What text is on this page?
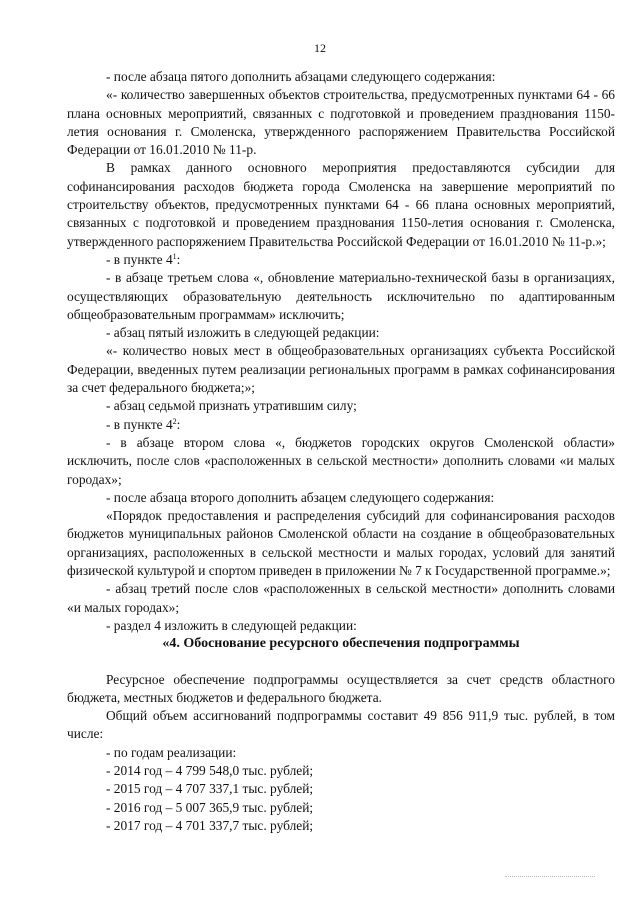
12

- после абзаца пятого дополнить абзацами следующего содержания:

«- количество завершенных объектов строительства, предусмотренных пунктами 64 - 66 плана основных мероприятий, связанных с подготовкой и проведением празднования 1150-летия основания г. Смоленска, утвержденного распоряжением Правительства Российской Федерации от 16.01.2010 № 11-р.

В рамках данного основного мероприятия предоставляются субсидии для софинансирования расходов бюджета города Смоленска на завершение мероприятий по строительству объектов, предусмотренных пунктами 64 - 66 плана основных мероприятий, связанных с подготовкой и проведением празднования 1150-летия основания г. Смоленска, утвержденного распоряжением Правительства Российской Федерации от 16.01.2010 № 11-р.»;

- в пункте $4^1$:

- в абзаце третьем слова «, обновление материально-технической базы в организациях, осуществляющих образовательную деятельность исключительно по адаптированным общеобразовательным программам» исключить;

- абзац пятый изложить в следующей редакции:

«- количество новых мест в общеобразовательных организациях субъекта Российской Федерации, введенных путем реализации региональных программ в рамках софинансирования за счет федерального бюджета;»;

- абзац седьмой признать утратившим силу;

- в пункте $4^2$:

- в абзаце втором слова «, бюджетов городских округов Смоленской области» исключить, после слов «расположенных в сельской местности» дополнить словами «и малых городах»;

- после абзаца второго дополнить абзацем следующего содержания:

«Порядок предоставления и распределения субсидий для софинансирования расходов бюджетов муниципальных районов Смоленской области на создание в общеобразовательных организациях, расположенных в сельской местности и малых городах, условий для занятий физической культурой и спортом приведен в приложении № 7 к Государственной программе.»;

- абзац третий после слов «расположенных в сельской местности» дополнить словами «и малых городах»;

- раздел 4 изложить в следующей редакции:

«4. Обоснование ресурсного обеспечения подпрограммы

Ресурсное обеспечение подпрограммы осуществляется за счет средств областного бюджета, местных бюджетов и федерального бюджета.

Общий объем ассигнований подпрограммы составит 49 856 911,9 тыс. рублей, в том числе:

- по годам реализации:

- 2014 год – 4 799 548,0 тыс. рублей;

- 2015 год – 4 707 337,1 тыс. рублей;

- 2016 год – 5 007 365,9 тыс. рублей;

- 2017 год – 4 701 337,7 тыс. рублей;
